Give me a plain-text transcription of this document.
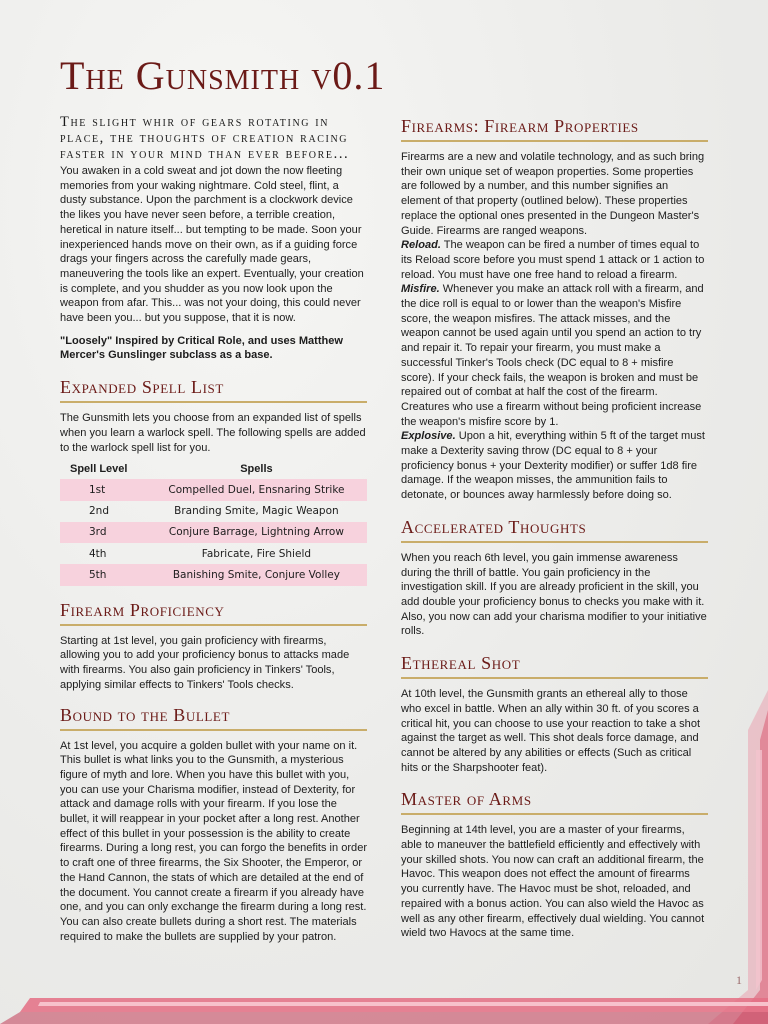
The Gunsmith v0.1
The slight whir of gears rotating in place, the thoughts of creation racing faster in your mind than ever before...

You awaken in a cold sweat and jot down the now fleeting memories from your waking nightmare. Cold steel, flint, a dusty substance. Upon the parchment is a clockwork device the likes you have never seen before, a terrible creation, heretical in nature itself... but tempting to be made. Soon your inexperienced hands move on their own, as if a guiding force drags your fingers across the carefully made gears, maneuvering the tools like an expert. Eventually, your creation is complete, and you shudder as you now look upon the weapon from afar. This... was not your doing, this could never have been you... but you suppose, that it is now.

"Loosely" Inspired by Critical Role, and uses Matthew Mercer's Gunslinger subclass as a base.

Expanded Spell List

The Gunsmith lets you choose from an expanded list of spells when you learn a warlock spell. The following spells are added to the warlock spell list for you.

Spell Level	Spells
1st	Compelled Duel, Ensnaring Strike
2nd	Branding Smite, Magic Weapon
3rd	Conjure Barrage, Lightning Arrow
4th	Fabricate, Fire Shield
5th	Banishing Smite, Conjure Volley
Firearm Proficiency

Starting at 1st level, you gain proficiency with firearms, allowing you to add your proficiency bonus to attacks made with firearms. You also gain proficiency in Tinkers' Tools, applying similar effects to Tinkers' Tools checks.

Bound to the Bullet

At 1st level, you acquire a golden bullet with your name on it. This bullet is what links you to the Gunsmith, a mysterious figure of myth and lore. When you have this bullet with you, you can use your Charisma modifier, instead of Dexterity, for attack and damage rolls with your firearm. If you lose the bullet, it will reappear in your pocket after a long rest. Another effect of this bullet in your possession is the ability to create firearms. During a long rest, you can forgo the benefits in order to craft one of three firearms, the Six Shooter, the Emperor, or the Hand Cannon, the stats of which are detailed at the end of the document. You cannot create a firearm if you already have one, and you can only exchange the firearm during a long rest. You can also create bullets during a short rest. The materials required to make the bullets are supplied by your patron.

Firearms: Firearm Properties

Firearms are a new and volatile technology, and as such bring their own unique set of weapon properties. Some properties are followed by a number, and this number signifies an element of that property (outlined below). These properties replace the optional ones presented in the Dungeon Master's Guide. Firearms are ranged weapons.

Reload. The weapon can be fired a number of times equal to its Reload score before you must spend 1 attack or 1 action to reload. You must have one free hand to reload a firearm.

Misfire. Whenever you make an attack roll with a firearm, and the dice roll is equal to or lower than the weapon's Misfire score, the weapon misfires. The attack misses, and the weapon cannot be used again until you spend an action to try and repair it. To repair your firearm, you must make a successful Tinker's Tools check (DC equal to 8 + misfire score). If your check fails, the weapon is broken and must be repaired out of combat at half the cost of the firearm. Creatures who use a firearm without being proficient increase the weapon's misfire score by 1.

Explosive. Upon a hit, everything within 5 ft of the target must make a Dexterity saving throw (DC equal to 8 + your proficiency bonus + your Dexterity modifier) or suffer 1d8 fire damage. If the weapon misses, the ammunition fails to detonate, or bounces away harmlessly before doing so.

Accelerated Thoughts

When you reach 6th level, you gain immense awareness during the thrill of battle. You gain proficiency in the investigation skill. If you are already proficient in the skill, you add double your proficiency bonus to checks you make with it. Also, you now can add your charisma modifier to your initiative rolls.

Ethereal Shot

At 10th level, the Gunsmith grants an ethereal ally to those who excel in battle. When an ally within 30 ft. of you scores a critical hit, you can choose to use your reaction to take a shot against the target as well. This shot deals force damage, and cannot be altered by any abilities or effects (Such as critical hits or the Sharpshooter feat).

Master of Arms

Beginning at 14th level, you are a master of your firearms, able to maneuver the battlefield efficiently and effectively with your skilled shots. You now can craft an additional firearm, the Havoc. This weapon does not effect the amount of firearms you currently have. The Havoc must be shot, reloaded, and repaired with a bonus action. You can also wield the Havoc as well as any other firearm, effectively dual wielding. You cannot wield two Havocs at the same time.

1
